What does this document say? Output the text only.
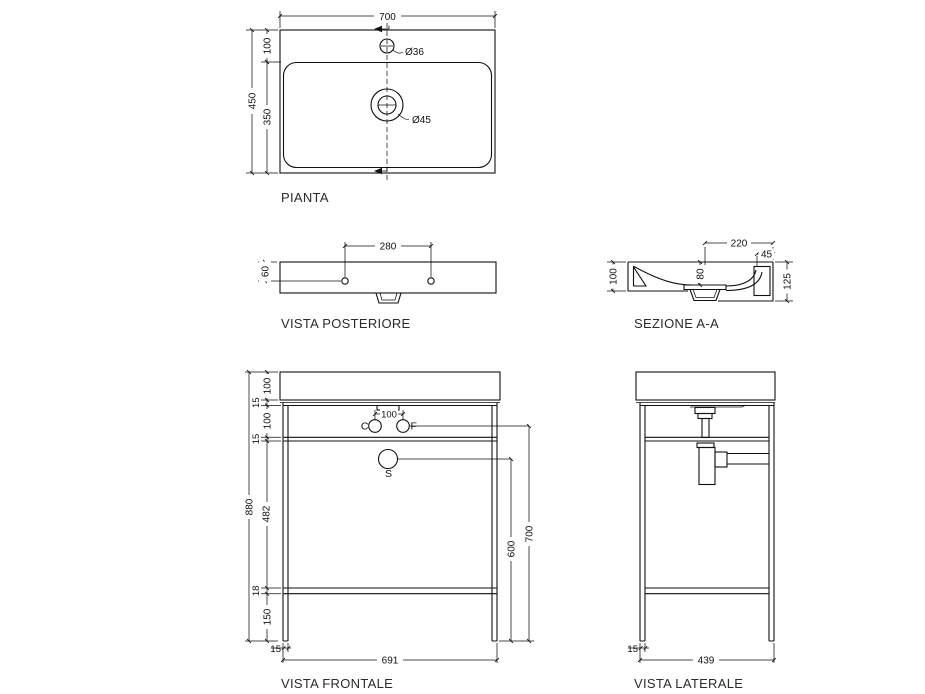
700
450
100
350
Ø36
Ø45
PIANTA
280
60
VISTA POSTERIORE
220
45
100	80	125
SEZIONE A-A
100
C	F
S
15
691
100
15
100
15
482
18
150
880
600
700
VISTA FRONTALE
15
439
VISTA LATERALE
